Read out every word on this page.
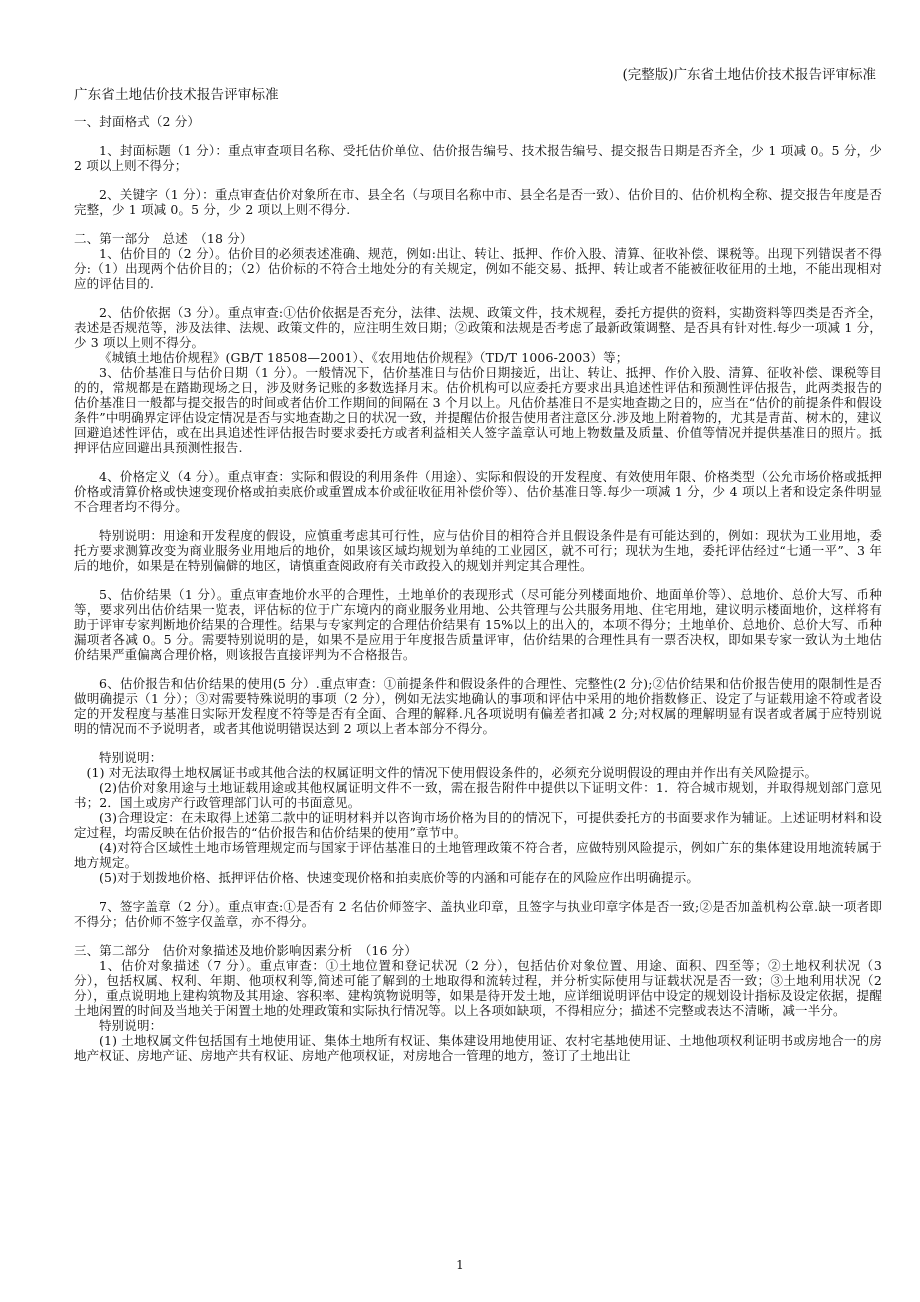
(完整版)广东省土地估价技术报告评审标准

广东省土地估价技术报告评审标准

一、封面格式（2 分）

1、封面标题（1 分）：重点审查项目名称、受托估价单位、估价报告编号、技术报告编号、提交报告日期是否齐全，少 1 项减 0。5 分，少 2 项以上则不得分；

2、关键字（1 分）：重点审查估价对象所在市、县全名（与项目名称中市、县全名是否一致）、估价目的、估价机构全称、提交报告年度是否完整，少 1 项减 0。5 分，少 2 项以上则不得分.

二、第一部分　总述　（18 分）

1、估价目的（2 分）。估价目的必须表述准确、规范，例如:出让、转让、抵押、作价入股、清算、征收补偿、课税等。出现下列错误者不得分:（1）出现两个估价目的；（2）估价标的不符合土地处分的有关规定，例如不能交易、抵押、转让或者不能被征收征用的土地，不能出现相对应的评估目的.

2、估价依据（3 分）。重点审查:①估价依据是否充分，法律、法规、政策文件，技术规程，委托方提供的资料，实勘资料等四类是否齐全，表述是否规范等，涉及法律、法规、政策文件的，应注明生效日期；②政策和法规是否考虑了最新政策调整、是否具有针对性.每少一项减 1 分，少 3 项以上则不得分。

《城镇土地估价规程》(GB/T 18508—2001）、《农用地估价规程》（TD/T 1006-2003）等；

3、估价基准日与估价日期（1 分）。一般情况下，估价基准日与估价日期接近，出让、转让、抵押、作价入股、清算、征收补偿、课税等目的的，常规都是在踏勘现场之日，涉及财务记账的多数选择月末。估价机构可以应委托方要求出具追述性评估和预测性评估报告，此两类报告的估价基准日一般都与提交报告的时间或者估价工作期间的间隔在 3 个月以上。凡估价基准日不是实地查勘之日的，应当在“估价的前提条件和假设条件”中明确界定评估设定情况是否与实地查勘之日的状况一致，并提醒估价报告使用者注意区分.涉及地上附着物的，尤其是青苗、树木的，建议回避追述性评估，或在出具追述性评估报告时要求委托方或者利益相关人签字盖章认可地上物数量及质量、价值等情况并提供基准日的照片。抵押评估应回避出具预测性报告.

4、价格定义（4 分）。重点审查：实际和假设的利用条件（用途）、实际和假设的开发程度、有效使用年限、价格类型（公允市场价格或抵押价格或清算价格或快速变现价格或拍卖底价或重置成本价或征收征用补偿价等）、估价基准日等.每少一项减 1 分，少 4 项以上者和设定条件明显不合理者均不得分。

特别说明：用途和开发程度的假设，应慎重考虑其可行性，应与估价目的相符合并且假设条件是有可能达到的，例如：现状为工业用地，委托方要求测算改变为商业服务业用地后的地价，如果该区域均规划为单纯的工业园区，就不可行；现状为生地，委托评估经过“七通一平”、3 年后的地价，如果是在特别偏僻的地区，请慎重查阅政府有关市政投入的规划并判定其合理性。

5、估价结果（1 分）。重点审查地价水平的合理性，土地单价的表现形式（尽可能分列楼面地价、地面单价等）、总地价、总价大写、币种等，要求列出估价结果一览表，评估标的位于广东境内的商业服务业用地、公共管理与公共服务用地、住宅用地，建议明示楼面地价，这样将有助于评审专家判断地价结果的合理性。结果与专家判定的合理估价结果有 15%以上的出入的，本项不得分；土地单价、总地价、总价大写、币种漏项者各减 0。5 分。需要特别说明的是，如果不是应用于年度报告质量评审，估价结果的合理性具有一票否决权，即如果专家一致认为土地估价结果严重偏离合理价格，则该报告直接评判为不合格报告。

6、估价报告和估价结果的使用(5 分）.重点审查：①前提条件和假设条件的合理性、完整性(2 分);②估价结果和估价报告使用的限制性是否做明确提示（1 分）；③对需要特殊说明的事项（2 分），例如无法实地确认的事项和评估中采用的地价指数修正、设定了与证载用途不符或者设定的开发程度与基准日实际开发程度不符等是否有全面、合理的解释.凡各项说明有偏差者扣减 2 分;对权属的理解明显有误者或者属于应特别说明的情况而不予说明者，或者其他说明错误达到 2 项以上者本部分不得分。

特别说明：

(1) 对无法取得土地权属证书或其他合法的权属证明文件的情况下使用假设条件的，必须充分说明假设的理由并作出有关风险提示。

(2)估价对象用途与土地证载用途或其他权属证明文件不一致，需在报告附件中提供以下证明文件：1．符合城市规划，并取得规划部门意见书；2．国土或房产行政管理部门认可的书面意见。

(3)合理设定：在未取得上述第二款中的证明材料并以咨询市场价格为目的的情况下，可提供委托方的书面要求作为辅证。上述证明材料和设定过程，均需反映在估价报告的“估价报告和估价结果的使用”章节中。

(4)对符合区域性土地市场管理规定而与国家于评估基准日的土地管理政策不符合者，应做特别风险提示，例如广东的集体建设用地流转属于地方规定。

(5)对于划拨地价格、抵押评估价格、快速变现价格和拍卖底价等的内涵和可能存在的风险应作出明确提示。

7、签字盖章（2 分）。重点审查:①是否有 2 名估价师签字、盖执业印章，且签字与执业印章字体是否一致;②是否加盖机构公章.缺一项者即不得分；估价师不签字仅盖章，亦不得分。

三、第二部分　估价对象描述及地价影响因素分析　（16 分）

1、估价对象描述（7 分）。重点审查：①土地位置和登记状况（2 分），包括估价对象位置、用途、面积、四至等；②土地权利状况（3 分），包括权属、权利、年期、他项权利等,简述可能了解到的土地取得和流转过程，并分析实际使用与证载状况是否一致；③土地利用状况（2 分），重点说明地上建构筑物及其用途、容积率、建构筑物说明等，如果是待开发土地，应详细说明评估中设定的规划设计指标及设定依据，提醒土地闲置的时间及当地关于闲置土地的处理政策和实际执行情况等。以上各项如缺项，不得相应分；描述不完整或表达不清晰，减一半分。

特别说明：

(1) 土地权属文件包括国有土地使用证、集体土地所有权证、集体建设用地使用证、农村宅基地使用证、土地他项权利证明书或房地合一的房地产权证、房地产证、房地产共有权证、房地产他项权证，对房地合一管理的地方，签订了土地出让

1
